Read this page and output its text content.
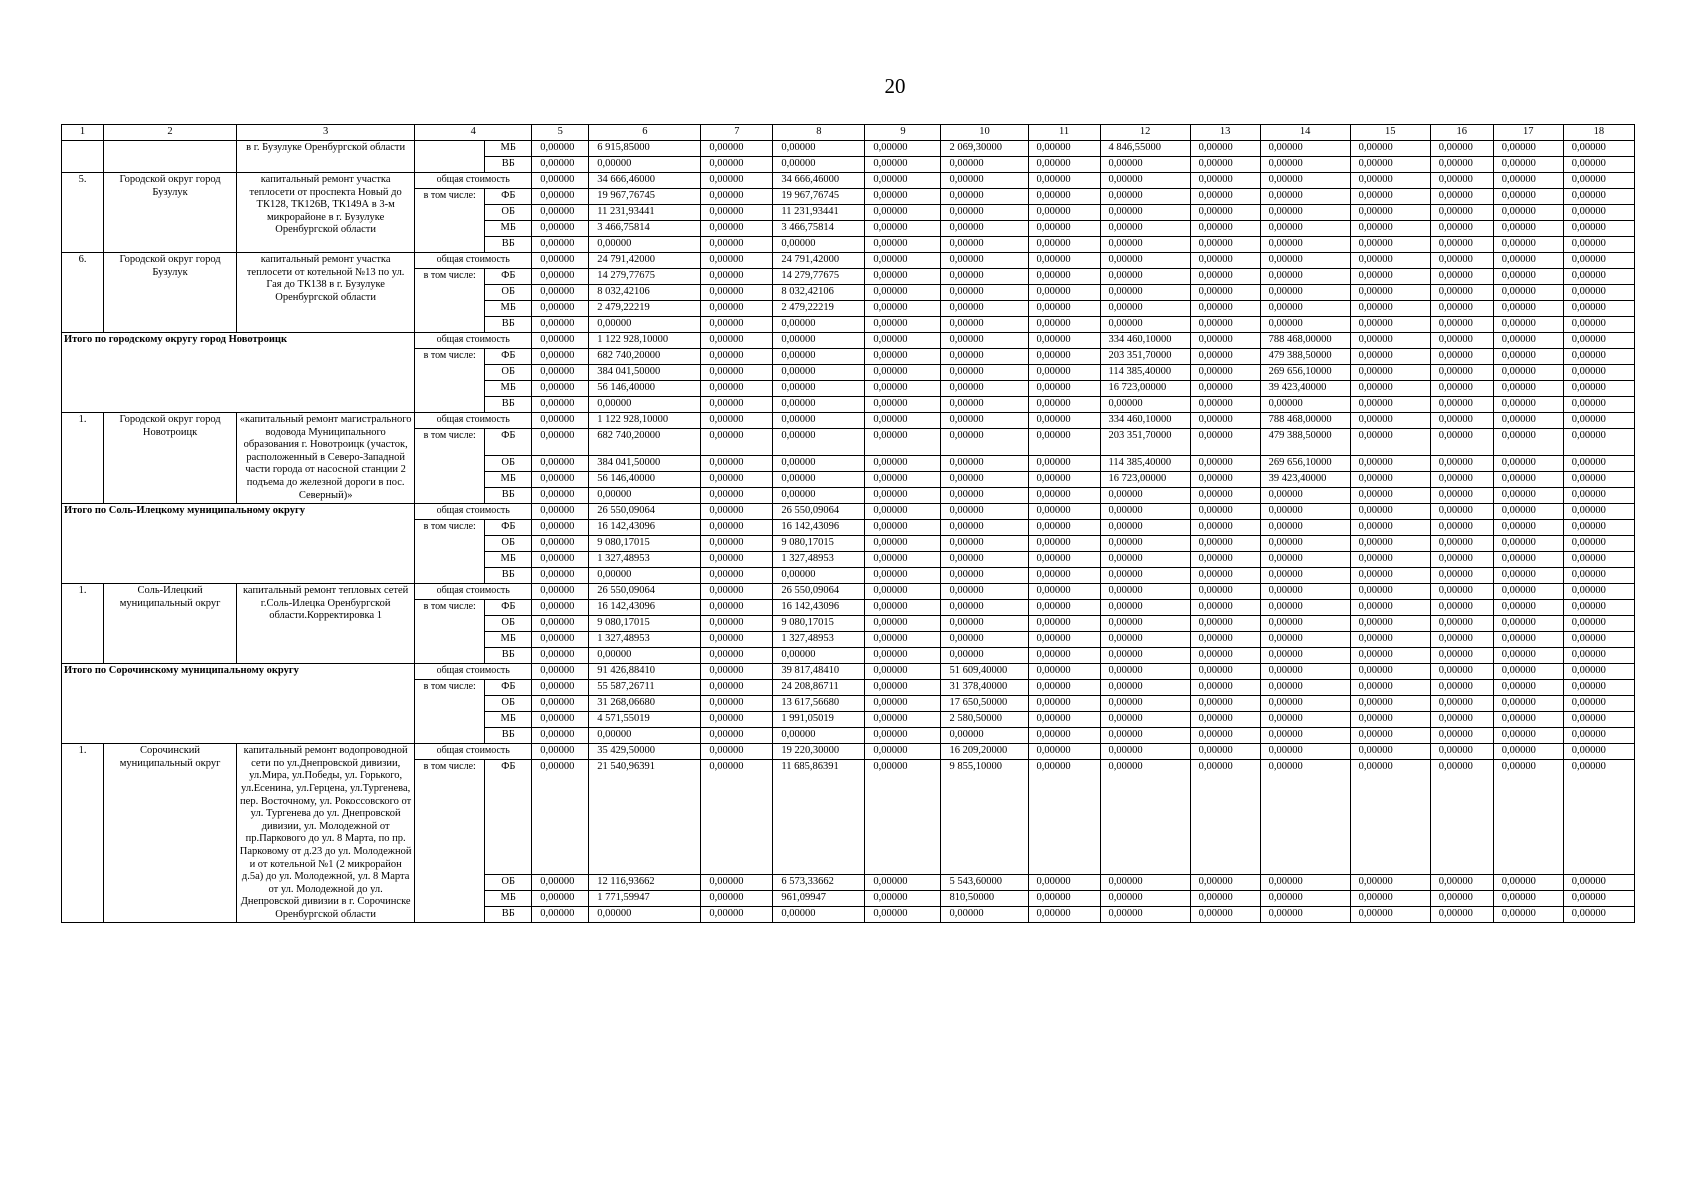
20
1	2	3	4		5	6	7	8	9	10	11	12	13	14	15	16	17	18
		в г. Бузулуке Оренбургской области		МБ	0,00000	6 915,85000	0,00000	0,00000	0,00000	2 069,30000	0,00000	4 846,55000	0,00000	0,00000	0,00000	0,00000	0,00000	0,00000
				ВБ	0,00000	0,00000	0,00000	0,00000	0,00000	0,00000	0,00000	0,00000	0,00000	0,00000	0,00000	0,00000	0,00000	0,00000
5.	Городской округ город Бузулук	капитальный ремонт участка теплосети от проспекта Новый до ТК128, ТК126В, ТК149А в 3-м микрорайоне в г. Бузулуке Оренбургской области	общая стоимость		0,00000	34 666,46000	0,00000	34 666,46000	0,00000	0,00000	0,00000	0,00000	0,00000	0,00000	0,00000	0,00000	0,00000	0,00000
			в том числе:	ФБ	0,00000	19 967,76745	0,00000	19 967,76745	0,00000	0,00000	0,00000	0,00000	0,00000	0,00000	0,00000	0,00000	0,00000	0,00000
				ОБ	0,00000	11 231,93441	0,00000	11 231,93441	0,00000	0,00000	0,00000	0,00000	0,00000	0,00000	0,00000	0,00000	0,00000	0,00000
				МБ	0,00000	3 466,75814	0,00000	3 466,75814	0,00000	0,00000	0,00000	0,00000	0,00000	0,00000	0,00000	0,00000	0,00000	0,00000
				ВБ	0,00000	0,00000	0,00000	0,00000	0,00000	0,00000	0,00000	0,00000	0,00000	0,00000	0,00000	0,00000	0,00000	0,00000
6.	Городской округ город Бузулук	капитальный ремонт участка теплосети от котельной №13 по ул. Гая до ТК138 в г. Бузулуке Оренбургской области	общая стоимость		0,00000	24 791,42000	0,00000	24 791,42000	0,00000	0,00000	0,00000	0,00000	0,00000	0,00000	0,00000	0,00000	0,00000	0,00000
			в том числе:	ФБ	0,00000	14 279,77675	0,00000	14 279,77675	0,00000	0,00000	0,00000	0,00000	0,00000	0,00000	0,00000	0,00000	0,00000	0,00000
				ОБ	0,00000	8 032,42106	0,00000	8 032,42106	0,00000	0,00000	0,00000	0,00000	0,00000	0,00000	0,00000	0,00000	0,00000	0,00000
				МБ	0,00000	2 479,22219	0,00000	2 479,22219	0,00000	0,00000	0,00000	0,00000	0,00000	0,00000	0,00000	0,00000	0,00000	0,00000
				ВБ	0,00000	0,00000	0,00000	0,00000	0,00000	0,00000	0,00000	0,00000	0,00000	0,00000	0,00000	0,00000	0,00000	0,00000
Итого по городскому округу город Новотроицк			общая стоимость		0,00000	1 122 928,10000	0,00000	0,00000	0,00000	0,00000	0,00000	334 460,10000	0,00000	788 468,00000	0,00000	0,00000	0,00000	0,00000
			в том числе:	ФБ	0,00000	682 740,20000	0,00000	0,00000	0,00000	0,00000	0,00000	203 351,70000	0,00000	479 388,50000	0,00000	0,00000	0,00000	0,00000
				ОБ	0,00000	384 041,50000	0,00000	0,00000	0,00000	0,00000	0,00000	114 385,40000	0,00000	269 656,10000	0,00000	0,00000	0,00000	0,00000
				МБ	0,00000	56 146,40000	0,00000	0,00000	0,00000	0,00000	0,00000	16 723,00000	0,00000	39 423,40000	0,00000	0,00000	0,00000	0,00000
				ВБ	0,00000	0,00000	0,00000	0,00000	0,00000	0,00000	0,00000	0,00000	0,00000	0,00000	0,00000	0,00000	0,00000	0,00000
1.	Городской округ город Новотроицк	«капитальный ремонт магистрального водовода Муниципального образования г. Новотроицк (участок, расположенный в Северо-Западной части города от насосной станции 2 подъема до железной дороги в пос. Северный)»	общая стоимость		0,00000	1 122 928,10000	0,00000	0,00000	0,00000	0,00000	0,00000	334 460,10000	0,00000	788 468,00000	0,00000	0,00000	0,00000	0,00000
			в том числе:	ФБ	0,00000	682 740,20000	0,00000	0,00000	0,00000	0,00000	0,00000	203 351,70000	0,00000	479 388,50000	0,00000	0,00000	0,00000	0,00000
				ОБ	0,00000	384 041,50000	0,00000	0,00000	0,00000	0,00000	0,00000	114 385,40000	0,00000	269 656,10000	0,00000	0,00000	0,00000	0,00000
				МБ	0,00000	56 146,40000	0,00000	0,00000	0,00000	0,00000	0,00000	16 723,00000	0,00000	39 423,40000	0,00000	0,00000	0,00000	0,00000
				ВБ	0,00000	0,00000	0,00000	0,00000	0,00000	0,00000	0,00000	0,00000	0,00000	0,00000	0,00000	0,00000	0,00000	0,00000
Итого по Соль-Илецкому муниципальному округу			общая стоимость		0,00000	26 550,09064	0,00000	26 550,09064	0,00000	0,00000	0,00000	0,00000	0,00000	0,00000	0,00000	0,00000	0,00000	0,00000
			в том числе:	ФБ	0,00000	16 142,43096	0,00000	16 142,43096	0,00000	0,00000	0,00000	0,00000	0,00000	0,00000	0,00000	0,00000	0,00000	0,00000
				ОБ	0,00000	9 080,17015	0,00000	9 080,17015	0,00000	0,00000	0,00000	0,00000	0,00000	0,00000	0,00000	0,00000	0,00000	0,00000
				МБ	0,00000	1 327,48953	0,00000	1 327,48953	0,00000	0,00000	0,00000	0,00000	0,00000	0,00000	0,00000	0,00000	0,00000	0,00000
				ВБ	0,00000	0,00000	0,00000	0,00000	0,00000	0,00000	0,00000	0,00000	0,00000	0,00000	0,00000	0,00000	0,00000	0,00000
1.	Соль-Илецкий муниципальный округ	капитальный ремонт тепловых сетей г.Соль-Илецка Оренбургской области.Корректировка 1	общая стоимость		0,00000	26 550,09064	0,00000	26 550,09064	0,00000	0,00000	0,00000	0,00000	0,00000	0,00000	0,00000	0,00000	0,00000	0,00000
			в том числе:	ФБ	0,00000	16 142,43096	0,00000	16 142,43096	0,00000	0,00000	0,00000	0,00000	0,00000	0,00000	0,00000	0,00000	0,00000	0,00000
				ОБ	0,00000	9 080,17015	0,00000	9 080,17015	0,00000	0,00000	0,00000	0,00000	0,00000	0,00000	0,00000	0,00000	0,00000	0,00000
				МБ	0,00000	1 327,48953	0,00000	1 327,48953	0,00000	0,00000	0,00000	0,00000	0,00000	0,00000	0,00000	0,00000	0,00000	0,00000
				ВБ	0,00000	0,00000	0,00000	0,00000	0,00000	0,00000	0,00000	0,00000	0,00000	0,00000	0,00000	0,00000	0,00000	0,00000
Итого по Сорочинскому муниципальному округу			общая стоимость		0,00000	91 426,88410	0,00000	39 817,48410	0,00000	51 609,40000	0,00000	0,00000	0,00000	0,00000	0,00000	0,00000	0,00000	0,00000
			в том числе:	ФБ	0,00000	55 587,26711	0,00000	24 208,86711	0,00000	31 378,40000	0,00000	0,00000	0,00000	0,00000	0,00000	0,00000	0,00000	0,00000
				ОБ	0,00000	31 268,06680	0,00000	13 617,56680	0,00000	17 650,50000	0,00000	0,00000	0,00000	0,00000	0,00000	0,00000	0,00000	0,00000
				МБ	0,00000	4 571,55019	0,00000	1 991,05019	0,00000	2 580,50000	0,00000	0,00000	0,00000	0,00000	0,00000	0,00000	0,00000	0,00000
				ВБ	0,00000	0,00000	0,00000	0,00000	0,00000	0,00000	0,00000	0,00000	0,00000	0,00000	0,00000	0,00000	0,00000	0,00000
1.	Сорочинский муниципальный округ	капитальный ремонт водопроводной сети по ул.Днепровской дивизии, ул.Мира, ул.Победы, ул. Горького, ул.Есенина, ул.Герцена, ул.Тургенева, пер. Восточному, ул. Рокоссовского от ул. Тургенева до ул. Днепровской дивизии, ул. Молодежной от пр.Паркового до ул. 8 Марта, по пр. Парковому от д.23 до ул. Молодежной и от котельной №1 (2 микрорайон д.5а) до ул. Молодежной, ул. 8 Марта от ул. Молодежной до ул. Днепровской дивизии в г. Сорочинске Оренбургской области	общая стоимость		0,00000	35 429,50000	0,00000	19 220,30000	0,00000	16 209,20000	0,00000	0,00000	0,00000	0,00000	0,00000	0,00000	0,00000	0,00000
			в том числе:	ФБ	0,00000	21 540,96391	0,00000	11 685,86391	0,00000	9 855,10000	0,00000	0,00000	0,00000	0,00000	0,00000	0,00000	0,00000	0,00000
				ОБ	0,00000	12 116,93662	0,00000	6 573,33662	0,00000	5 543,60000	0,00000	0,00000	0,00000	0,00000	0,00000	0,00000	0,00000	0,00000
				МБ	0,00000	1 771,59947	0,00000	961,09947	0,00000	810,50000	0,00000	0,00000	0,00000	0,00000	0,00000	0,00000	0,00000	0,00000
				ВБ	0,00000	0,00000	0,00000	0,00000	0,00000	0,00000	0,00000	0,00000	0,00000	0,00000	0,00000	0,00000	0,00000	0,00000
